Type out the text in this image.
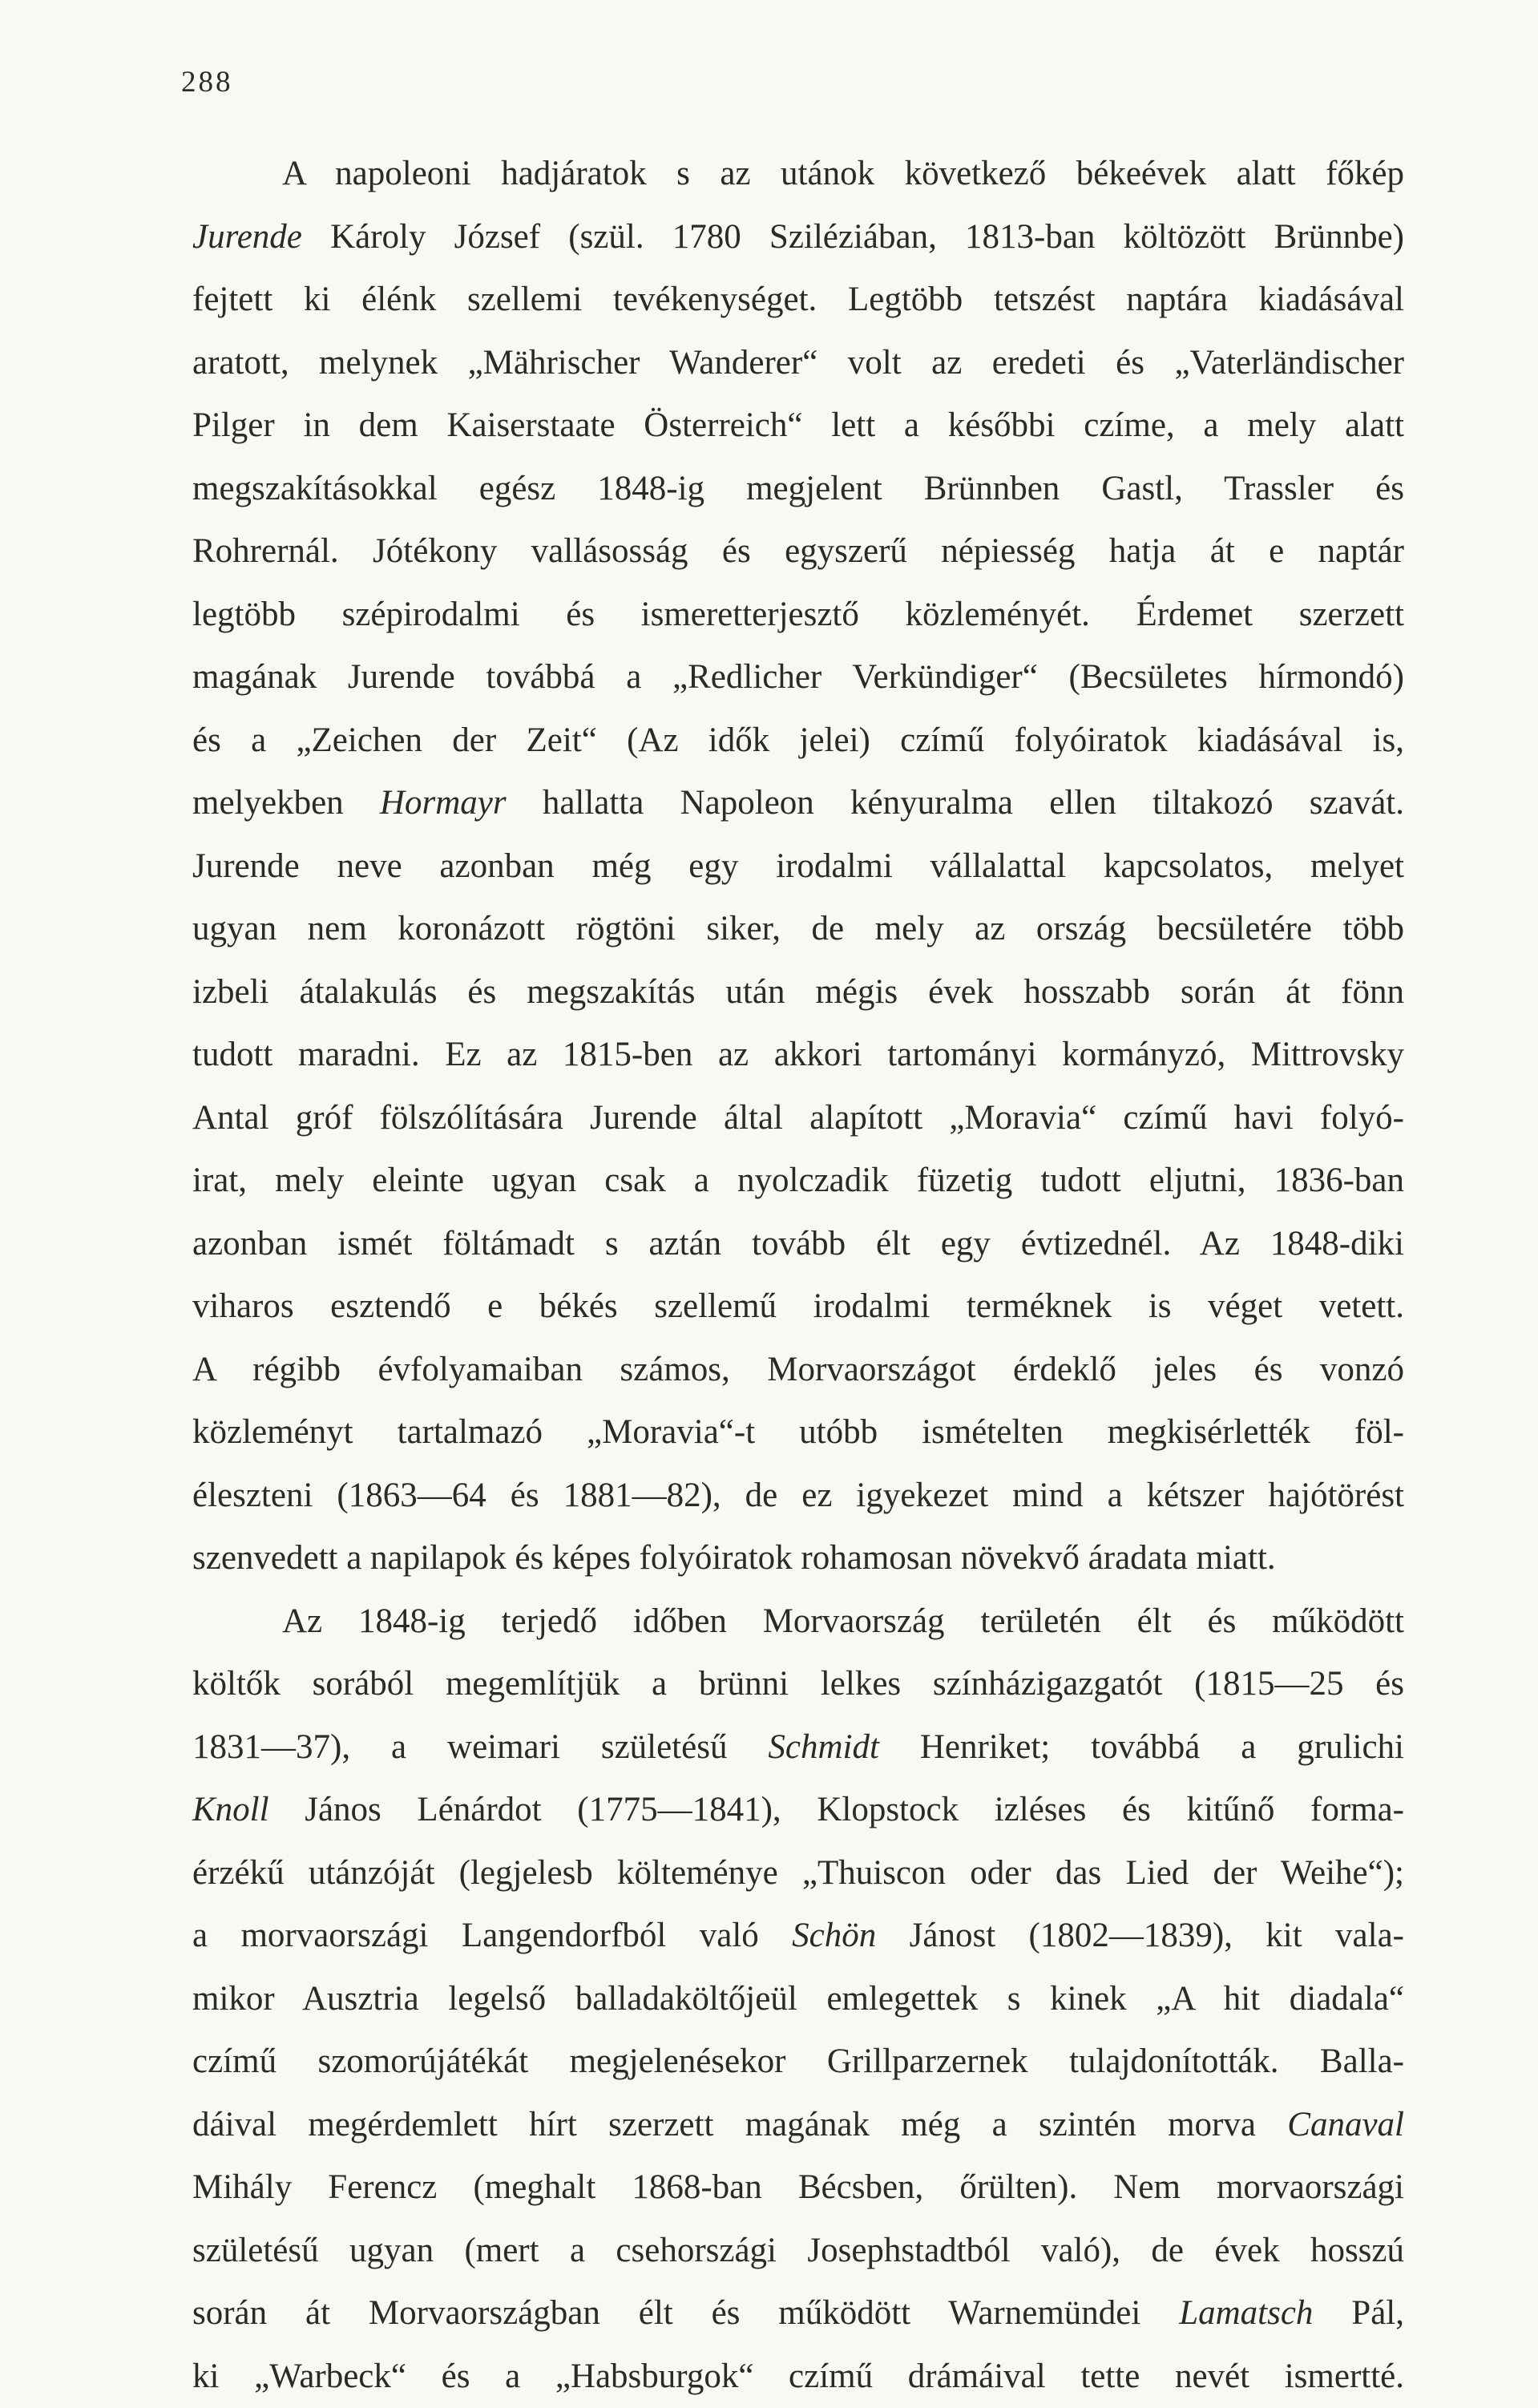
288
A napoleoni hadjáratok s az utánok következő békeévek alatt főkép
Jurende Károly József (szül. 1780 Sziléziában, 1813-ban költözött Brünnbe)
fejtett ki élénk szellemi tevékenységet. Legtöbb tetszést naptára kiadásával
aratott, melynek „Mährischer Wanderer“ volt az eredeti és „Vaterländischer
Pilger in dem Kaiserstaate Österreich“ lett a későbbi czíme, a mely alatt
megszakításokkal egész 1848-ig megjelent Brünnben Gastl, Trassler és
Rohrernál. Jótékony vallásosság és egyszerű népiesség hatja át e naptár
legtöbb szépirodalmi és ismeretterjesztő közleményét. Érdemet szerzett
magának Jurende továbbá a „Redlicher Verkündiger“ (Becsületes hírmondó)
és a „Zeichen der Zeit“ (Az idők jelei) czímű folyóiratok kiadásával is,
melyekben Hormayr hallatta Napoleon kényuralma ellen tiltakozó szavát.
Jurende neve azonban még egy irodalmi vállalattal kapcsolatos, melyet
ugyan nem koronázott rögtöni siker, de mely az ország becsületére több
izbeli átalakulás és megszakítás után mégis évek hosszabb során át fönn
tudott maradni. Ez az 1815-ben az akkori tartományi kormányzó, Mittrovsky
Antal gróf fölszólítására Jurende által alapított „Moravia“ czímű havi folyó-
irat, mely eleinte ugyan csak a nyolczadik füzetig tudott eljutni, 1836-ban
azonban ismét föltámadt s aztán tovább élt egy évtizednél. Az 1848-diki
viharos esztendő e békés szellemű irodalmi terméknek is véget vetett.
A régibb évfolyamaiban számos, Morvaországot érdeklő jeles és vonzó
közleményt tartalmazó „Moravia“-t utóbb ismételten megkisérlették föl-
éleszteni (1863—64 és 1881—82), de ez igyekezet mind a kétszer hajótörést
szenvedett a napilapok és képes folyóiratok rohamosan növekvő áradata miatt.
Az 1848-ig terjedő időben Morvaország területén élt és működött
költők sorából megemlítjük a brünni lelkes színházigazgatót (1815—25 és
1831—37), a weimari születésű Schmidt Henriket; továbbá a grulichi
Knoll János Lénárdot (1775—1841), Klopstock izléses és kitűnő forma-
érzékű utánzóját (legjelesb költeménye „Thuiscon oder das Lied der Weihe“);
a morvaországi Langendorfból való Schön Jánost (1802—1839), kit vala-
mikor Ausztria legelső balladaköltőjeül emlegettek s kinek „A hit diadala“
czímű szomorújátékát megjelenésekor Grillparzernek tulajdonították. Balla-
dáival megérdemlett hírt szerzett magának még a szintén morva Canaval
Mihály Ferencz (meghalt 1868-ban Bécsben, őrülten). Nem morvaországi
születésű ugyan (mert a csehországi Josephstadtból való), de évek hosszú
során át Morvaországban élt és működött Warnemündei Lamatsch Pál,
ki „Warbeck“ és a „Habsburgok“ czímű drámáival tette nevét ismertté.
